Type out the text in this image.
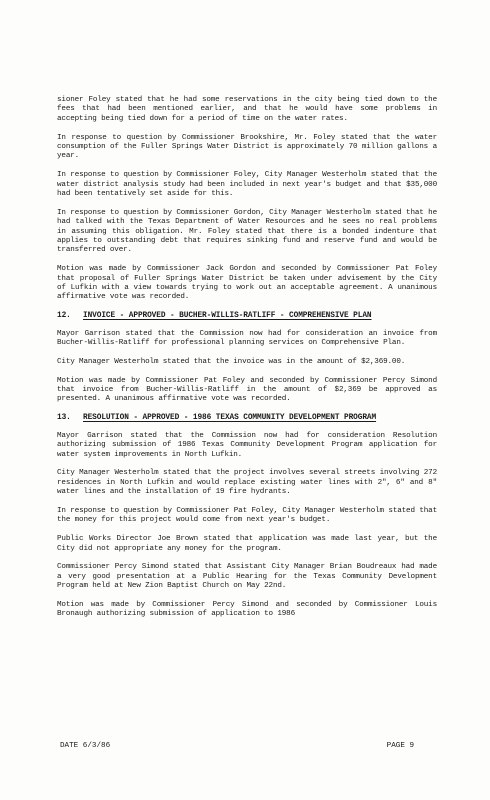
sioner Foley stated that he had some reservations in the city being tied down to the fees that had been mentioned earlier, and that he would have some problems in accepting being tied down for a period of time on the water rates.

In response to question by Commissioner Brookshire, Mr. Foley stated that the water consumption of the Fuller Springs Water District is approximately 70 million gallons a year.

In response to question by Commissioner Foley, City Manager Westerholm stated that the water district analysis study had been included in next year's budget and that $35,000 had been tentatively set aside for this.

In response to question by Commissioner Gordon, City Manager Westerholm stated that he had talked with the Texas Department of Water Resources and he sees no real problems in assuming this obligation. Mr. Foley stated that there is a bonded indenture that applies to outstanding debt that requires sinking fund and reserve fund and would be transferred over.

Motion was made by Commissioner Jack Gordon and seconded by Commissioner Pat Foley that proposal of Fuller Springs Water District be taken under advisement by the City of Lufkin with a view towards trying to work out an acceptable agreement. A unanimous affirmative vote was recorded.

12. INVOICE - APPROVED - BUCHER-WILLIS-RATLIFF - COMPREHENSIVE PLAN

Mayor Garrison stated that the Commission now had for consideration an invoice from Bucher-Willis-Ratliff for professional planning services on Comprehensive Plan.

City Manager Westerholm stated that the invoice was in the amount of $2,369.00.

Motion was made by Commissioner Pat Foley and seconded by Commissioner Percy Simond that invoice from Bucher-Willis-Ratliff in the amount of $2,369 be approved as presented. A unanimous affirmative vote was recorded.

13. RESOLUTION - APPROVED - 1986 TEXAS COMMUNITY DEVELOPMENT PROGRAM

Mayor Garrison stated that the Commission now had for consideration Resolution authorizing submission of 1986 Texas Community Development Program application for water system improvements in North Lufkin.

City Manager Westerholm stated that the project involves several streets involving 272 residences in North Lufkin and would replace existing water lines with 2", 6" and 8" water lines and the installation of 19 fire hydrants.

In response to question by Commissioner Pat Foley, City Manager Westerholm stated that the money for this project would come from next year's budget.

Public Works Director Joe Brown stated that application was made last year, but the City did not appropriate any money for the program.

Commissioner Percy Simond stated that Assistant City Manager Brian Boudreaux had made a very good presentation at a Public Hearing for the Texas Community Development Program held at New Zion Baptist Church on May 22nd.

Motion was made by Commissioner Percy Simond and seconded by Commissioner Louis Bronaugh authorizing submission of application to 1986

DATE 6/3/86	PAGE 9
